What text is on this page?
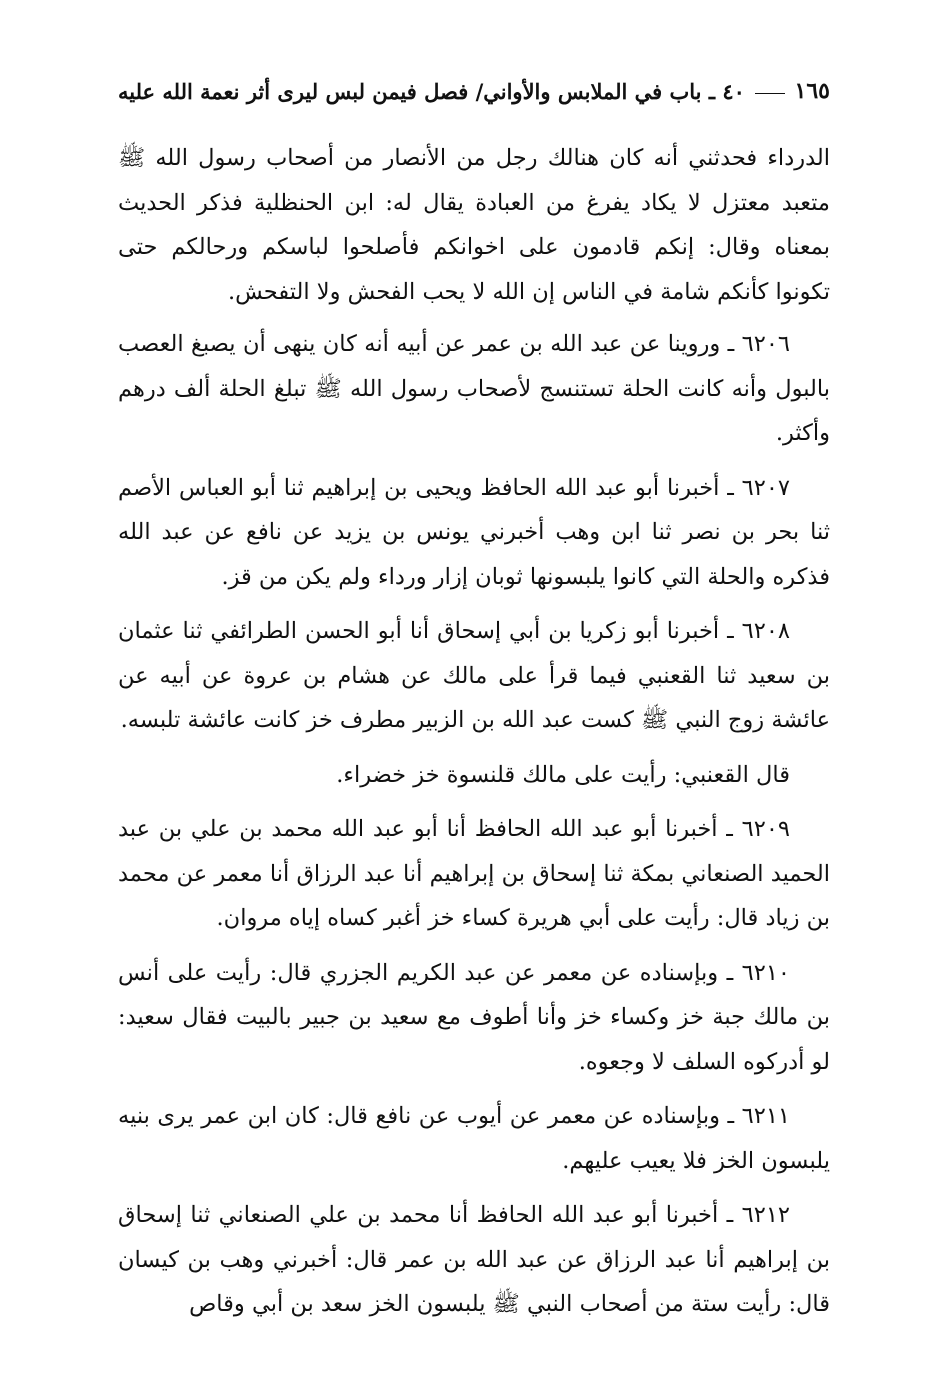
٤٠ ـ باب في الملابس والأواني/ فصل فيمن لبس ليرى أثر نعمة الله عليه ١٦٥

الدرداء فحدثني أنه كان هنالك رجل من الأنصار من أصحاب رسول الله ﷺ متعبد معتزل لا يكاد يفرغ من العبادة يقال له: ابن الحنظلية فذكر الحديث بمعناه وقال: إنكم قادمون على اخوانكم فأصلحوا لباسكم ورحالكم حتى تكونوا كأنكم شامة في الناس إن الله لا يحب الفحش ولا التفحش.

٦٢٠٦ ـ وروينا عن عبد الله بن عمر عن أبيه أنه كان ينهى أن يصبغ العصب بالبول وأنه كانت الحلة تستنسج لأصحاب رسول الله ﷺ تبلغ الحلة ألف درهم وأكثر.

٦٢٠٧ ـ أخبرنا أبو عبد الله الحافظ ويحيى بن إبراهيم ثنا أبو العباس الأصم ثنا بحر بن نصر ثنا ابن وهب أخبرني يونس بن يزيد عن نافع عن عبد الله فذكره والحلة التي كانوا يلبسونها ثوبان إزار ورداء ولم يكن من قز.

٦٢٠٨ ـ أخبرنا أبو زكريا بن أبي إسحاق أنا أبو الحسن الطرائفي ثنا عثمان بن سعيد ثنا القعنبي فيما قرأ على مالك عن هشام بن عروة عن أبيه عن عائشة زوج النبي ﷺ كست عبد الله بن الزبير مطرف خز كانت عائشة تلبسه.

قال القعنبي: رأيت على مالك قلنسوة خز خضراء.

٦٢٠٩ ـ أخبرنا أبو عبد الله الحافظ أنا أبو عبد الله محمد بن علي بن عبد الحميد الصنعاني بمكة ثنا إسحاق بن إبراهيم أنا عبد الرزاق أنا معمر عن محمد بن زياد قال: رأيت على أبي هريرة كساء خز أغبر كساه إياه مروان.

٦٢١٠ ـ وبإسناده عن معمر عن عبد الكريم الجزري قال: رأيت على أنس بن مالك جبة خز وكساء خز وأنا أطوف مع سعيد بن جبير بالبيت فقال سعيد: لو أدركوه السلف لا وجعوه.

٦٢١١ ـ وبإسناده عن معمر عن أيوب عن نافع قال: كان ابن عمر يرى بنيه يلبسون الخز فلا يعيب عليهم.

٦٢١٢ ـ أخبرنا أبو عبد الله الحافظ أنا محمد بن علي الصنعاني ثنا إسحاق بن إبراهيم أنا عبد الرزاق عن عبد الله بن عمر قال: أخبرني وهب بن كيسان قال: رأيت ستة من أصحاب النبي ﷺ يلبسون الخز سعد بن أبي وقاص
